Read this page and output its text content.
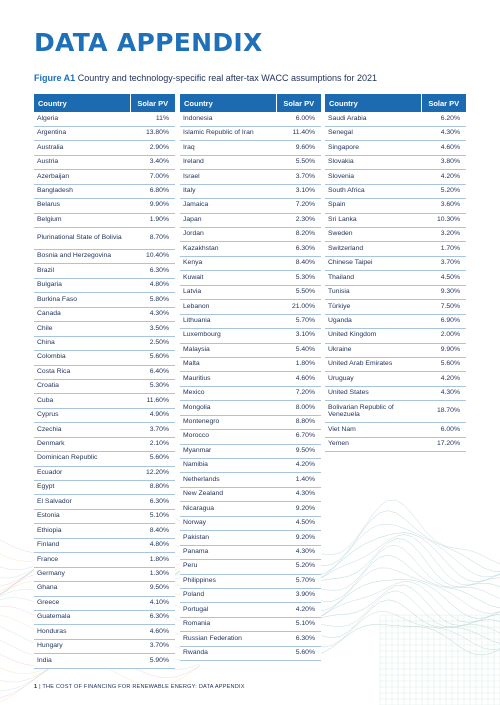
DATA APPENDIX
Figure A1 Country and technology-specific real after-tax WACC assumptions for 2021
Country	Solar PV
Algeria	11%
Argentina	13.80%
Australia	2.90%
Austria	3.40%
Azerbaijan	7.00%
Bangladesh	6.80%
Belarus	9.90%
Belgium	1.90%
Plurinational State of Bolivia	8.70%
Bosnia and Herzegovina	10.40%
Brazil	6.30%
Bulgaria	4.80%
Burkina Faso	5.80%
Canada	4.30%
Chile	3.50%
China	2.50%
Colombia	5.60%
Costa Rica	6.40%
Croatia	5.30%
Cuba	11.60%
Cyprus	4.90%
Czechia	3.70%
Denmark	2.10%
Dominican Republic	5.60%
Ecuador	12.20%
Egypt	8.80%
El Salvador	6.30%
Estonia	5.10%
Ethiopia	8.40%
Finland	4.80%
France	1.80%
Germany	1.30%
Ghana	9.50%
Greece	4.10%
Guatemala	6.30%
Honduras	4.60%
Hungary	3.70%
India	5.90%
Country	Solar PV
Indonesia	6.00%
Islamic Republic of Iran	11.40%
Iraq	9.60%
Ireland	5.50%
Israel	3.70%
Italy	3.10%
Jamaica	7.20%
Japan	2.30%
Jordan	8.20%
Kazakhstan	6.30%
Kenya	8.40%
Kuwait	5.30%
Latvia	5.50%
Lebanon	21.00%
Lithuania	5.70%
Luxembourg	3.10%
Malaysia	5.40%
Malta	1.80%
Mauritius	4.60%
Mexico	7.20%
Mongolia	8.00%
Montenegro	8.80%
Morocco	6.70%
Myanmar	9.50%
Namibia	4.20%
Netherlands	1.40%
New Zealand	4.30%
Nicaragua	9.20%
Norway	4.50%
Pakistan	9.20%
Panama	4.30%
Peru	5.20%
Philippines	5.70%
Poland	3.90%
Portugal	4.20%
Romania	5.10%
Russian Federation	6.30%
Rwanda	5.60%
Country	Solar PV
Saudi Arabia	6.20%
Senegal	4.30%
Singapore	4.60%
Slovakia	3.80%
Slovenia	4.20%
South Africa	5.20%
Spain	3.60%
Sri Lanka	10.30%
Sweden	3.20%
Switzerland	1.70%
Chinese Taipei	3.70%
Thailand	4.50%
Tunisia	9.30%
Türkiye	7.50%
Uganda	6.90%
United Kingdom	2.00%
Ukraine	9.90%
United Arab Emirates	5.60%
Uruguay	4.20%
United States	4.30%
Bolivarian Republic of Venezuela	18.70%
Viet Nam	6.00%
Yemen	17.20%
1 | THE COST OF FINANCING FOR RENEWABLE ENERGY: DATA APPENDIX
